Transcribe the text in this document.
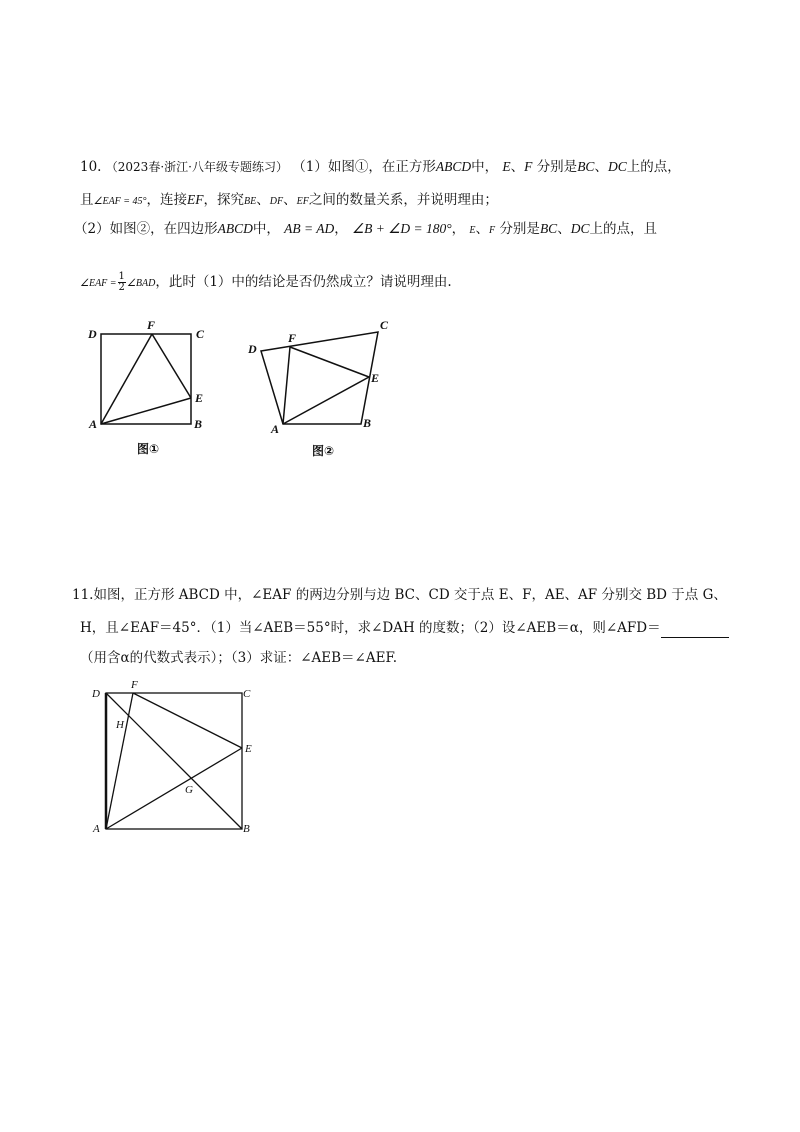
10. （2023春·浙江·八年级专题练习） （1）如图①，在正方形ABCD中， E、F 分别是BC、DC上的点，
且∠EAF = 45°，连接EF，探究BE、DF、EF之间的数量关系，并说明理由；
（2）如图②，在四边形ABCD中， AB = AD， ∠B + ∠D = 180°， E、F 分别是BC、DC上的点，且
∠EAF = $\frac{1}{2}$ ∠BAD，此时（1）中的结论是否仍然成立？请说明理由.
D
F
C
E
A	B
图①
D
F
C
E
A	B
图②
11.如图，正方形 ABCD 中，∠EAF 的两边分别与边 BC、CD 交于点 E、F，AE、AF 分别交 BD 于点 G、
H，且∠EAF＝45°．（1）当∠AEB＝55°时，求∠DAH 的度数；（2）设∠AEB＝α，则∠AFD＝
（用含α的代数式表示）；（3）求证：∠AEB＝∠AEF.
D
F
C
E
H
G
A	B
